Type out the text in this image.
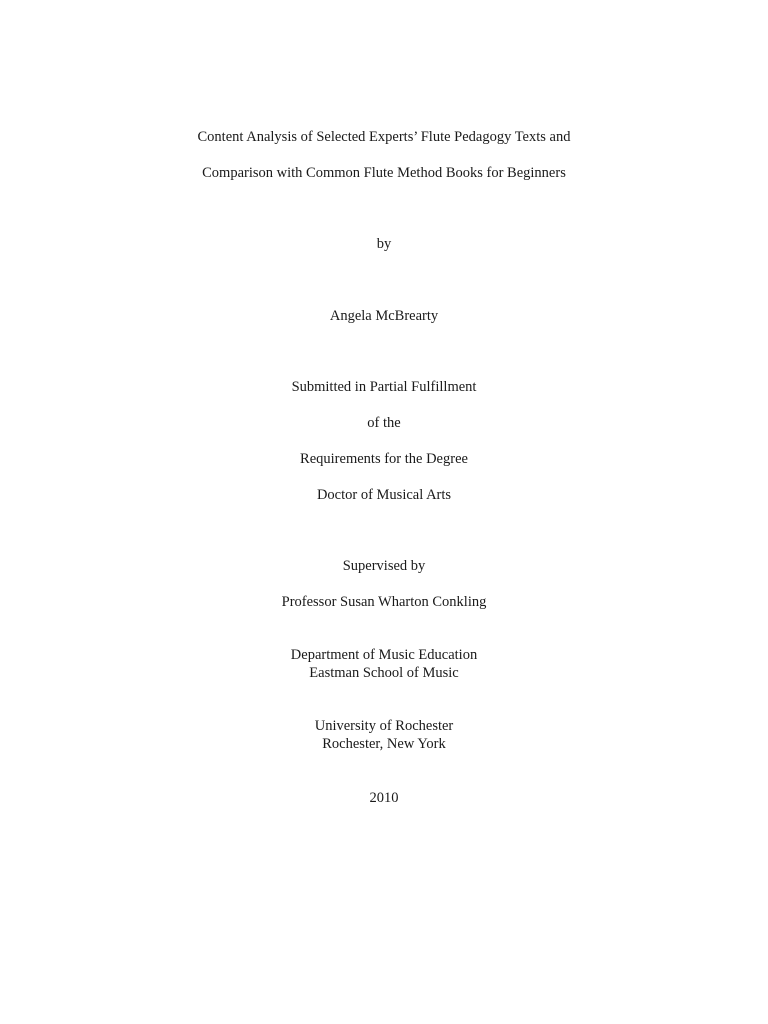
Content Analysis of Selected Experts’ Flute Pedagogy Texts and
Comparison with Common Flute Method Books for Beginners
by
Angela McBrearty
Submitted in Partial Fulfillment
of the
Requirements for the Degree
Doctor of Musical Arts
Supervised by
Professor Susan Wharton Conkling
Department of Music Education
Eastman School of Music
University of Rochester
Rochester, New York
2010
